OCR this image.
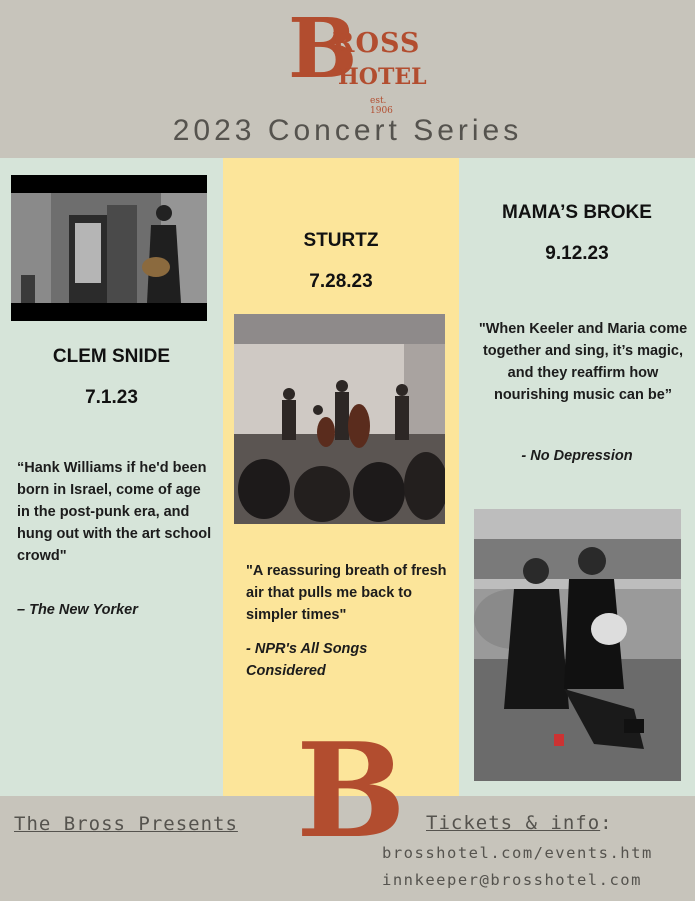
B
ROSS
HOTEL
est. 1906
2023 Concert Series
CLEM SNIDE
7.1.23
“Hank Williams if he'd been born in Israel, come of age in the post-punk era, and hung out with the art school crowd"
– The New Yorker
STURTZ
7.28.23
"A reassuring breath of fresh air that pulls me back to simpler times"
- NPR's All Songs Considered
MAMA’S BROKE
9.12.23
"When Keeler and Maria come together and sing, it’s magic, and they reaffirm how nourishing music can be”
- No Depression
The Bross Presents	Tickets & info:
brosshotel.com/events.htm
innkeeper@brosshotel.com
B
